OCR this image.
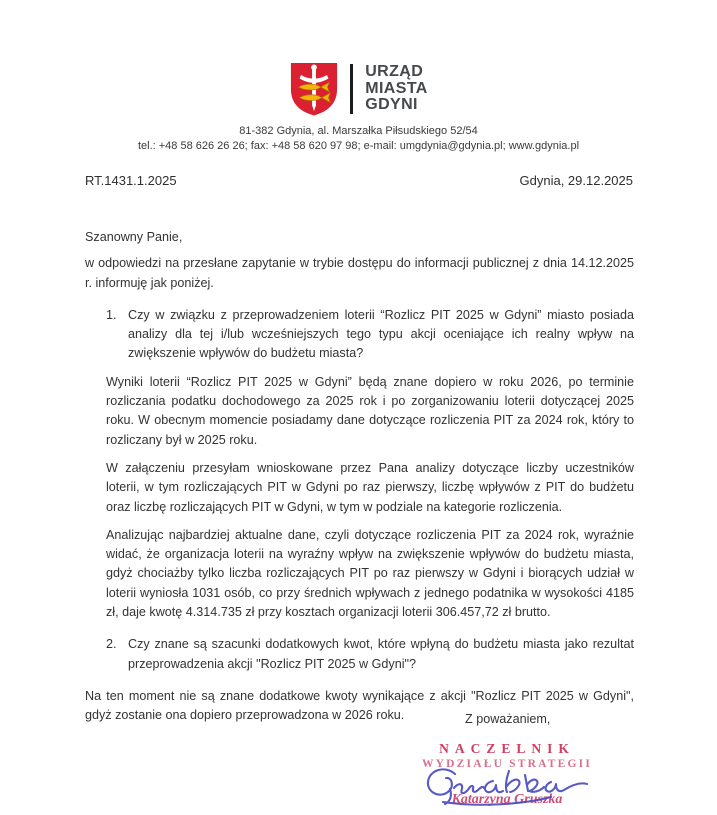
URZĄD
MIASTA
GDYNI
81-382 Gdynia, al. Marszałka Piłsudskiego 52/54
tel.: +48 58 626 26 26; fax: +48 58 620 97 98; e-mail: umgdynia@gdynia.pl; www.gdynia.pl
RT.1431.1.2025	Gdynia, 29.12.2025
Szanowny Panie,
w odpowiedzi na przesłane zapytanie w trybie dostępu do informacji publicznej z dnia 14.12.2025 r. informuję jak poniżej.
1. Czy w związku z przeprowadzeniem loterii “Rozlicz PIT 2025 w Gdyni” miasto posiada analizy dla tej i/lub wcześniejszych tego typu akcji oceniające ich realny wpływ na zwiększenie wpływów do budżetu miasta?
Wyniki loterii “Rozlicz PIT 2025 w Gdyni” będą znane dopiero w roku 2026, po terminie rozliczania podatku dochodowego za 2025 rok i po zorganizowaniu loterii dotyczącej 2025 roku. W obecnym momencie posiadamy dane dotyczące rozliczenia PIT za 2024 rok, który to rozliczany był w 2025 roku.
W załączeniu przesyłam wnioskowane przez Pana analizy dotyczące liczby uczestników loterii, w tym rozliczających PIT w Gdyni po raz pierwszy, liczbę wpływów z PIT do budżetu oraz liczbę rozliczających PIT w Gdyni, w tym w podziale na kategorie rozliczenia.
Analizując najbardziej aktualne dane, czyli dotyczące rozliczenia PIT za 2024 rok, wyraźnie widać, że organizacja loterii na wyraźny wpływ na zwiększenie wpływów do budżetu miasta, gdyż chociażby tylko liczba rozliczających PIT po raz pierwszy w Gdyni i biorących udział w loterii wyniosła 1031 osób, co przy średnich wpływach z jednego podatnika w wysokości 4185 zł, daje kwotę 4.314.735 zł przy kosztach organizacji loterii 306.457,72 zł brutto.
2. Czy znane są szacunki dodatkowych kwot, które wpłyną do budżetu miasta jako rezultat przeprowadzenia akcji "Rozlicz PIT 2025 w Gdyni"?
Na ten moment nie są znane dodatkowe kwoty wynikające z akcji "Rozlicz PIT 2025 w Gdyni", gdyż zostanie ona dopiero przeprowadzona w 2026 roku.	Z poważaniem,
NACZELNIK
WYDZIAŁU STRATEGII
Katarzyna Gruszka
